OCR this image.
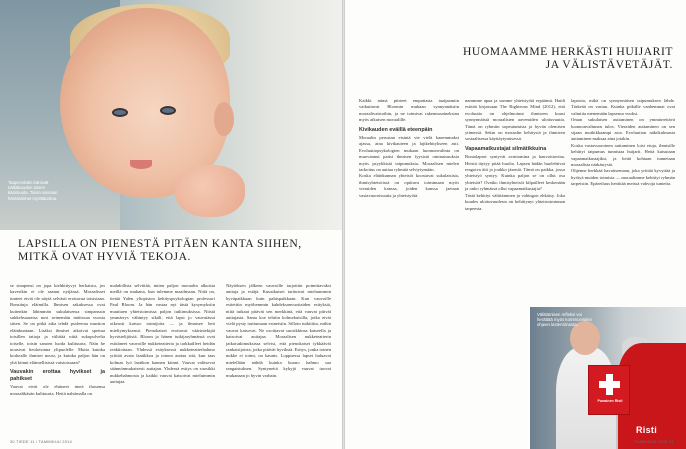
Taaperoikäin kärsivät nälkäkauden toisen käsimuuta. Toisin samaan häntässimet myötätuntoa.
LAPSILLA ON PIENESTÄ PITÄEN KANTA SIIHEN, MITKÄ OVAT HYVIÄ TEKOJA.

se sinapensi on jopa kiehkittyvyt herkaistu, jos kaverikin ei ole saanut nyijänsä. Moraalisset tunteet eivät ole näytä selvästi erottavaa toisistaan. Bonsiinja eläimilla. Ihmisen sakuksessa ovat kuitenkin lähimmän sukulaisensa simpanssin sukkehsaaratsa nosi seinemäin mätiosaa vuosia sitten. Se on pitkä aika tehdä psoleeraa mustion eläinkuntaan. Lisäksi ihmiset aikoivat spettua toisillen tatioja ja välittää niitä sukupolvelta toiselle, toisin sanoen luoda kulttuuria. Näin he nousivat heuloisinna ylipuolelle. Mutta kuinka korkealle ihmiset nousi, ja kuinka paljon hän on yhä kiinni eläimellisissä vaistoissaan?

Vauvakin erottaa hyvikset ja pahikset

Vauvat eivät ole ehtineet imeä ihosensa moraalikäsän kulttuuria. Hettä nahtimalla on

mahdollista selvittää, miten paljon moraalin alkuista meillä on mukana, kun tulemme maailmaan. Niitä on, tietää Yalen yliopiston kehityspsykologian professori Paul Bloom. Ja hän vastaa nyt tästä kysymyksiin muuttaen yhteistoimissa paljon tutkimuksissa. Niistä ymmärrys vähintyy sikäli, että lapsi jo vauvaiässä oikeasti katsoo toimijoita — ja ilmaisee heti mieltymyksensä. Pienokaiset erottavat väärintekijät hyvästelijöistä. Bloom ja hänen tutkijaryhmänsä ovat esittäneet vauvoille nukketeatteria ja tarkkailleet heidän reaktioitaan. Yhdessä esityksessä nukketeatterhahmo yrittää avata laatikkoa ja toinen auttaa sitä, kun taas kolmas lyö laatikon kannen kiinni. Vauvat valitsevat säännönmukaisesti auttajan. Yhdessä esitys on suosikki nukkehahmosta ja kaikki vauvat katsoivat mieluimmin auttajaa.

Näytöksen jälkeen vauvoille tarjottiin poimittavaksi auttaja ja estäjä. Kuusikuiset tarttuivat mieluummin hyväpaikkaan kuin pahispaikkaan. Kun vauvoille esitettiin myöhemmin kahdeksanvuotiaiden esityksiä, niitä tutkaat pitävät sen merkkinä, että vauvat pitivät auttajasta. Sama koe tehtiin kolmekuisilla, jotka eivät vielä pysty tarttumaan esineisiin. Silloin tutkittiin, mihin vauvat katsovat. Ne osoittavat suosikkinsa katseella ja katsoivat auttajaa. Moraalisen nukketeatterin jatkotutkimuksissa selvisi, että pienokaiset tykkäävät rankaisijoista, jotka pitävät hyviksiä. Esitys, jonka toinen nukke ei toimi, on kaunis. Loppuessa lapset haluavat mielellään nähdä kuinka huono hahmo saa rangaistuksen. Syntyneitä kykyjä vauvat tuovat mukanaan jo hyvin varhain.

30 TIEDE 11 / TAMMIKUU 2014
HUOMAAMME HERKÄSTI HUIJARIT JA VÄLISTÄVETÄJÄT.

Kaikki nämä piirteet empatiasta taaijaamiin vaikuttavat Bloomin mukaan synnynnäisiin moraalivaistoihin, ja ne toimivat rakennusaineksina myös aikuisen moraalille.

Kivikauden eväillä eteenpäin

Moraalin perustan etsintä vie vielä kauemmaksi ajassa, aina kivikauteen ja lajikehitykseen asti. Evoluutiopsykologien mukaan luonnonvalinta on muovannut paitsi ihmisen fyysisiä ominaisuuksia myös psyykkisiä taipumuksia. Moraalisen mielen tarkoitus on auttaa ryhmää selviytymään.

Koska eläinkunnan yhteisöt koostuvat sukulaisista, ihmisyhteisöissä on opittava toimimaan myös vieraiden kanssa, joiden kanssa jaetaan vastavuoroisuutta ja yhteistyötä.

nammme apua ja somme yhteistyötä erpäänsä. Haidt esittää kirjassaan The Righteous Mind (2012), että evoluutio on ohjelmoinut ihmiseen kuusi synnynnäistä moraalisten aavemiden ulottuvuutta. Tämä on ryhmiin sopeutumista ja hyvän olemisen ytimessä. Sekin on moraalin kehitystä ja ihmisten sosiaalisessa käyttäytymisessä.

Vapaamatkustajat silmätikkuina

Bonialapset syntyvät avuttomina ja hauvoittavina. Heistä täytyy pitää huolta. Lapsen hädän huolehtivat reagoiva äiti ja joukko jäseniä. Tämä on paikka, jossa yhteistyö syntyy. Kuinka paljon se on ollut osa yhteisöä? Ovatko ihmisyhteisöt kilpailleet keskenään ja onko ryhmässä ollut vapaamatkustajia?

Tästä kehittyi välittäminen ja vahingon ehkäisy. Joka kuudes ulottuvuudesta on kehittynyt yhteistoiminnan tarpeesta.

lapsista, mikä on synnynnäisen taipumuksen lähde. Tärkeää on vastuu. Kuinka pitkälle vanhemmat ovat valmiita menemään lapsensa vuoksi.

Oman sukulaisen auttaminen on ymmärrettävä luonnonvalinnan tulos. Vieraiden auttaminen on sen sijaan mutkikkaampi asia. Evoluution näkökulmasta auttaminen maksaa aina jotakin.

Koska vastavuoroinen auttaminen loisi etuja, ihmisille kehittyi taipumus tunnistaa huijarit. Heitä kutsutaan vapaamatkustajiksi, ja heitä kohtaan tunnetaan moraalista närkästystä.

Ohjenne herkkää havaitsemaan, joka yrittää kyvyttää ja hyötyä muiden toimista — moraalimme kehittyi ryhmän tarpeisiin. Epäreiluus herättää meissä vahvoja tunteita.

Punainen Risti
Risti
Välittämisen refleksi voi herättää myös kommunistien ohjeen lastentirnasta.
TAMMIKUU 2014 31
